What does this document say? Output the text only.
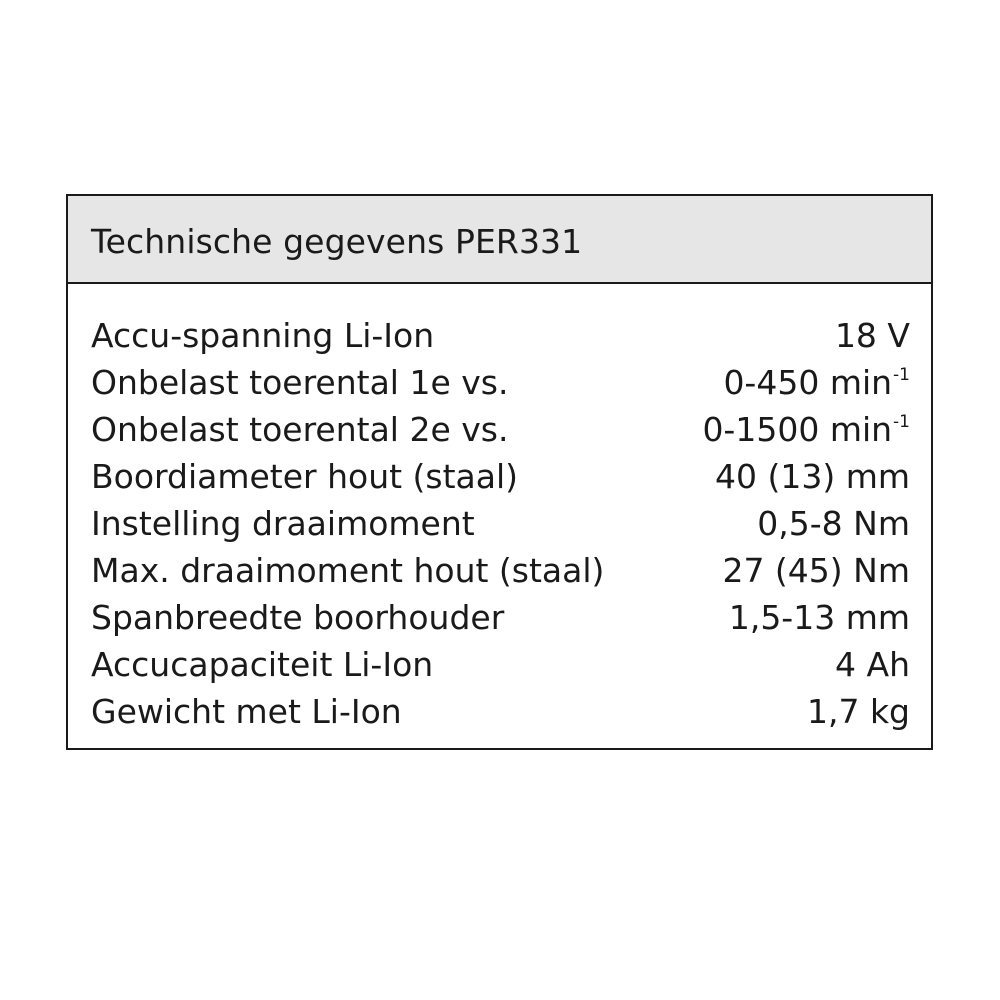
Technische gegevens PER331
Accu-spanning Li-Ion	18 V
Onbelast toerental 1e vs.	0-450 $\min^{-1}$
Onbelast toerental 2e vs.	0-1500 $\min^{-1}$
Boordiameter hout (staal)	40 (13) mm
Instelling draaimoment	0,5-8 Nm
Max. draaimoment hout (staal)	27 (45) Nm
Spanbreedte boorhouder	1,5-13 mm
Accucapaciteit Li-Ion	4 Ah
Gewicht met Li-Ion	1,7 kg
